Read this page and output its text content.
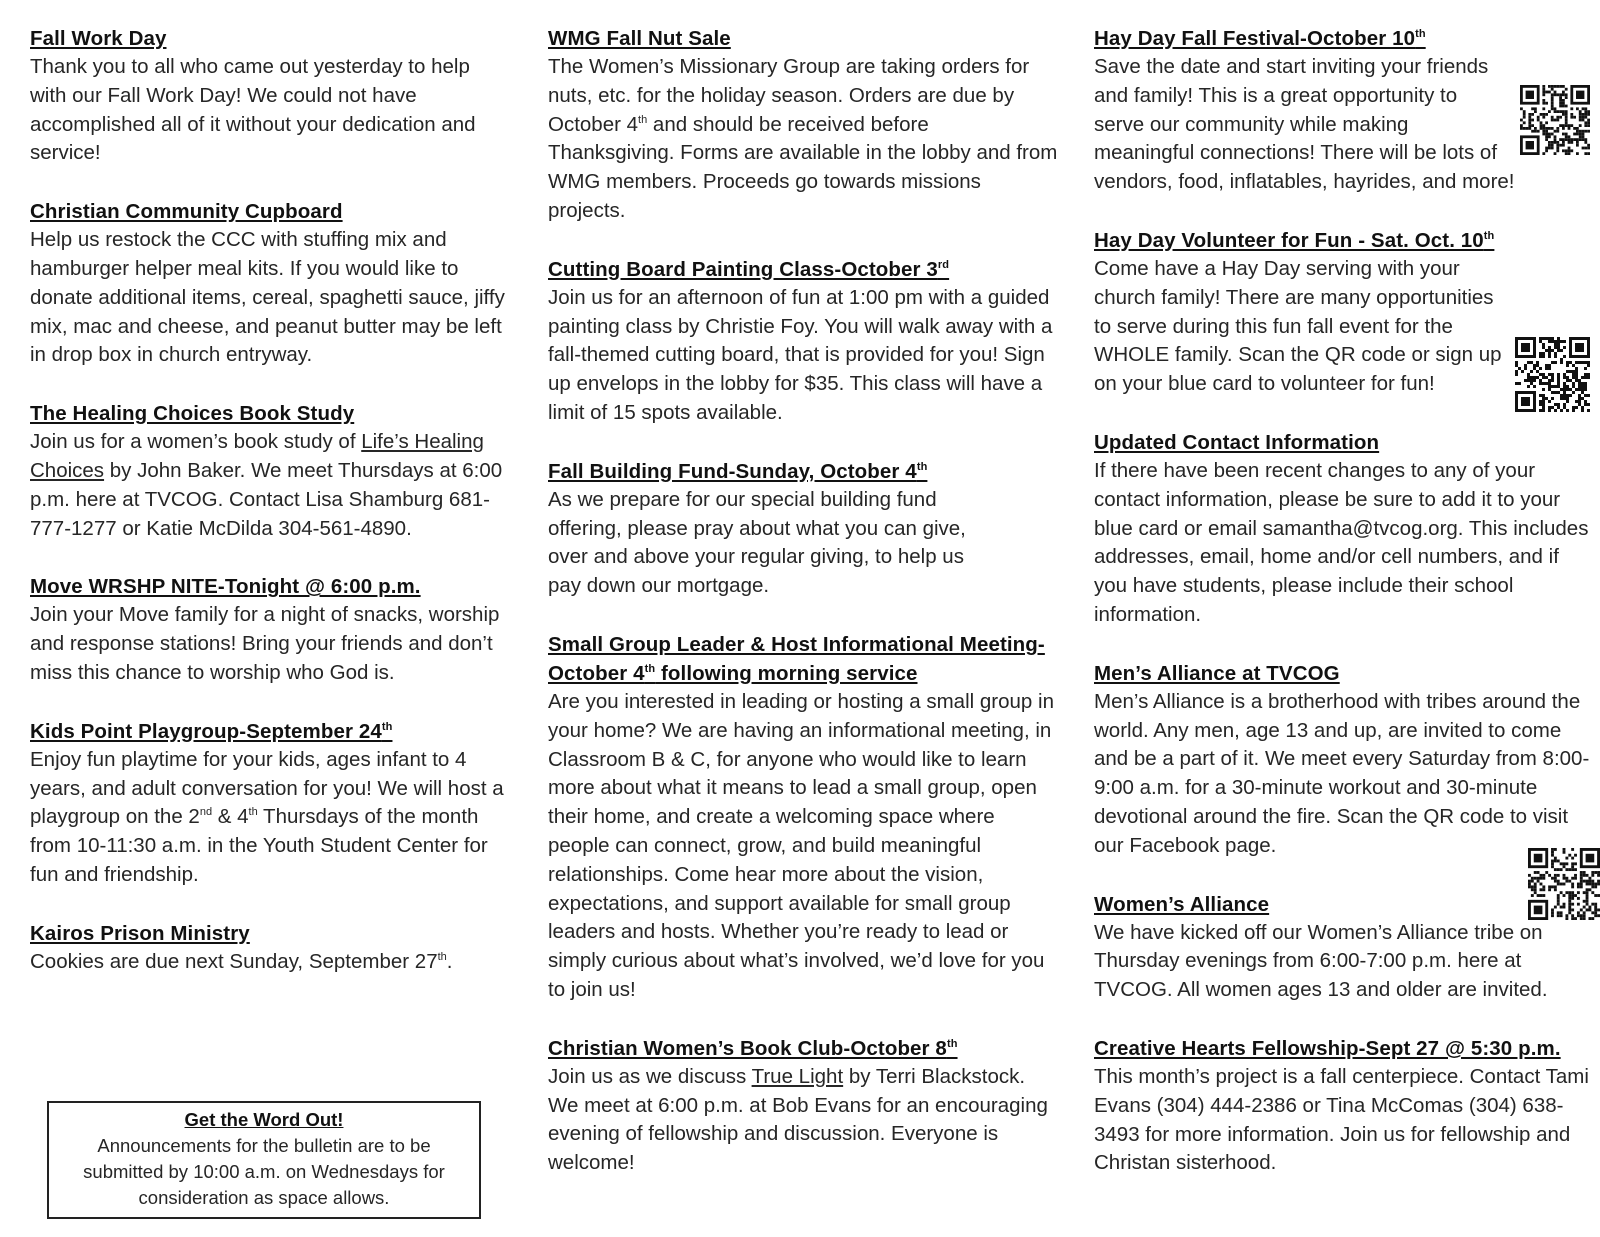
Fall Work Day
Thank you to all who came out yesterday to help with our Fall Work Day! We could not have accomplished all of it without your dedication and service!
Christian Community Cupboard
Help us restock the CCC with stuffing mix and hamburger helper meal kits. If you would like to donate additional items, cereal, spaghetti sauce, jiffy mix, mac and cheese, and peanut butter may be left in drop box in church entryway.
The Healing Choices Book Study
Join us for a women’s book study of Life’s Healing Choices by John Baker. We meet Thursdays at 6:00 p.m. here at TVCOG. Contact Lisa Shamburg 681-777-1277 or Katie McDilda 304-561-4890.
Move WRSHP NITE-Tonight @ 6:00 p.m.
Join your Move family for a night of snacks, worship and response stations! Bring your friends and don’t miss this chance to worship who God is.
Kids Point Playgroup-September 24th
Enjoy fun playtime for your kids, ages infant to 4 years, and adult conversation for you! We will host a playgroup on the 2nd & 4th Thursdays of the month from 10-11:30 a.m. in the Youth Student Center for fun and friendship.
Kairos Prison Ministry
Cookies are due next Sunday, September 27th.
Get the Word Out!
Announcements for the bulletin are to be submitted by 10:00 a.m. on Wednesdays for consideration as space allows.
WMG Fall Nut Sale
The Women’s Missionary Group are taking orders for nuts, etc. for the holiday season. Orders are due by October 4th and should be received before Thanksgiving. Forms are available in the lobby and from WMG members. Proceeds go towards missions projects.
Cutting Board Painting Class-October 3rd
Join us for an afternoon of fun at 1:00 pm with a guided painting class by Christie Foy. You will walk away with a fall-themed cutting board, that is provided for you! Sign up envelops in the lobby for $35. This class will have a limit of 15 spots available.
Fall Building Fund-Sunday, October 4th
As we prepare for our special building fund offering, please pray about what you can give, over and above your regular giving, to help us pay down our mortgage.
Small Group Leader & Host Informational Meeting-October 4th following morning service
Are you interested in leading or hosting a small group in your home? We are having an informational meeting, in Classroom B & C, for anyone who would like to learn more about what it means to lead a small group, open their home, and create a welcoming space where people can connect, grow, and build meaningful relationships. Come hear more about the vision, expectations, and support available for small group leaders and hosts. Whether you’re ready to lead or simply curious about what’s involved, we’d love for you to join us!
Christian Women’s Book Club-October 8th
Join us as we discuss True Light by Terri Blackstock. We meet at 6:00 p.m. at Bob Evans for an encouraging evening of fellowship and discussion. Everyone is welcome!
Hay Day Fall Festival-October 10th
Save the date and start inviting your friends and family! This is a great opportunity to serve our community while making meaningful connections! There will be lots of vendors, food, inflatables, hayrides, and more!
Hay Day Volunteer for Fun - Sat. Oct. 10th
Come have a Hay Day serving with your church family! There are many opportunities to serve during this fun fall event for the WHOLE family. Scan the QR code or sign up on your blue card to volunteer for fun!
Updated Contact Information
If there have been recent changes to any of your contact information, please be sure to add it to your blue card or email samantha@tvcog.org. This includes addresses, email, home and/or cell numbers, and if you have students, please include their school information.
Men’s Alliance at TVCOG
Men’s Alliance is a brotherhood with tribes around the world. Any men, age 13 and up, are invited to come and be a part of it. We meet every Saturday from 8:00-9:00 a.m. for a 30-minute workout and 30-minute devotional around the fire. Scan the QR code to visit our Facebook page.
Women’s Alliance
We have kicked off our Women’s Alliance tribe on Thursday evenings from 6:00-7:00 p.m. here at TVCOG. All women ages 13 and older are invited.
Creative Hearts Fellowship-Sept 27 @ 5:30 p.m.
This month’s project is a fall centerpiece. Contact Tami Evans (304) 444-2386 or Tina McComas (304) 638-3493 for more information. Join us for fellowship and Christan sisterhood.
